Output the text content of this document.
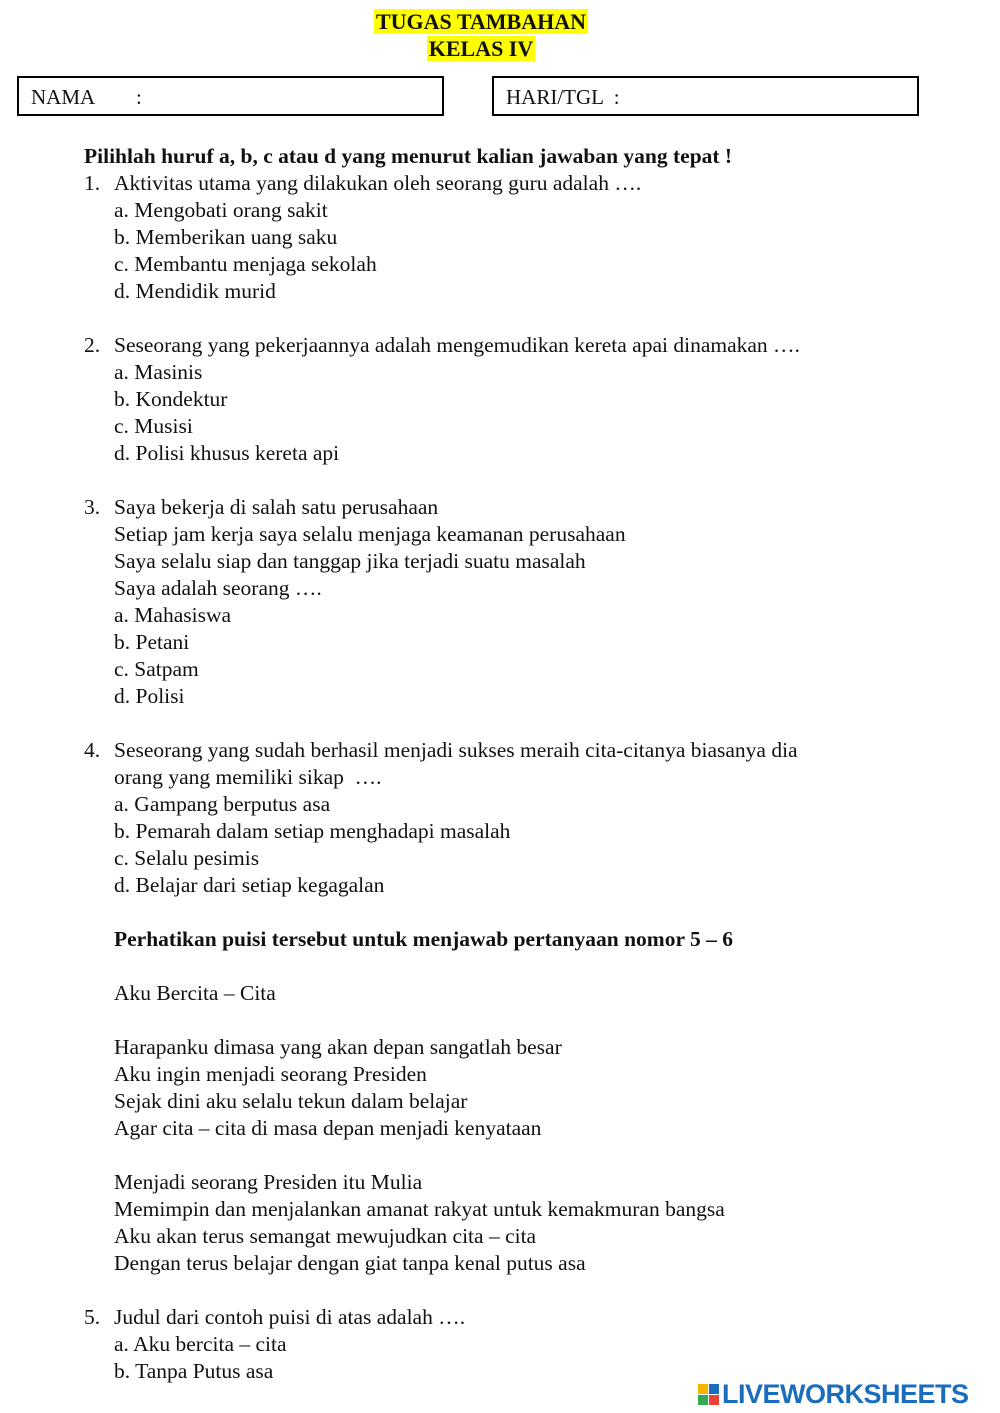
TUGAS TAMBAHAN
KELAS IV
NAMA        :	HARI/TGL  :
Pilihlah huruf a, b, c atau d yang menurut kalian jawaban yang tepat !
1. Aktivitas utama yang dilakukan oleh seorang guru adalah ….
a. Mengobati orang sakit
b. Memberikan uang saku
c. Membantu menjaga sekolah
d. Mendidik murid
2. Seseorang yang pekerjaannya adalah mengemudikan kereta apai dinamakan ….
a. Masinis
b. Kondektur
c. Musisi
d. Polisi khusus kereta api
3. Saya bekerja di salah satu perusahaan
Setiap jam kerja saya selalu menjaga keamanan perusahaan
Saya selalu siap dan tanggap jika terjadi suatu masalah
Saya adalah seorang ….
a. Mahasiswa
b. Petani
c. Satpam
d. Polisi
4. Seseorang yang sudah berhasil menjadi sukses meraih cita-citanya biasanya dia
orang yang memiliki sikap  ….
a. Gampang berputus asa
b. Pemarah dalam setiap menghadapi masalah
c. Selalu pesimis
d. Belajar dari setiap kegagalan
Perhatikan puisi tersebut untuk menjawab pertanyaan nomor 5 – 6
Aku Bercita – Cita
Harapanku dimasa yang akan depan sangatlah besar
Aku ingin menjadi seorang Presiden
Sejak dini aku selalu tekun dalam belajar
Agar cita – cita di masa depan menjadi kenyataan
Menjadi seorang Presiden itu Mulia
Memimpin dan menjalankan amanat rakyat untuk kemakmuran bangsa
Aku akan terus semangat mewujudkan cita – cita
Dengan terus belajar dengan giat tanpa kenal putus asa
5. Judul dari contoh puisi di atas adalah ….
a. Aku bercita – cita
b. Tanpa Putus asa
LIVEWORKSHEETS
